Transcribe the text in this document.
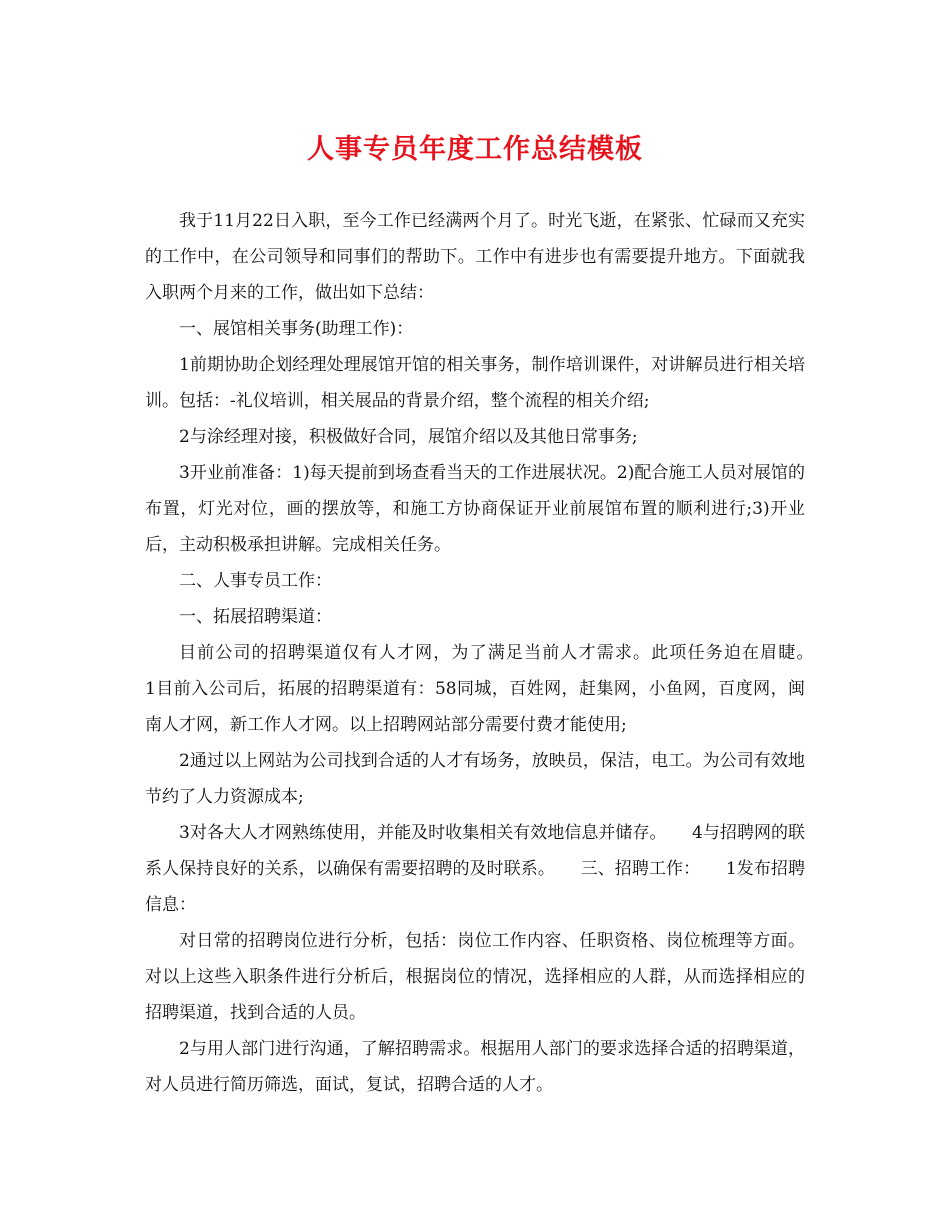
人事专员年度工作总结模板

我于11月22日入职，至今工作已经满两个月了。时光飞逝，在紧张、忙碌而又充实的工作中，在公司领导和同事们的帮助下。工作中有进步也有需要提升地方。下面就我入职两个月来的工作，做出如下总结：

一、展馆相关事务(助理工作)：

1前期协助企划经理处理展馆开馆的相关事务，制作培训课件，对讲解员进行相关培训。包括：-礼仪培训，相关展品的背景介绍，整个流程的相关介绍;

2与涂经理对接，积极做好合同，展馆介绍以及其他日常事务;

3开业前准备：1)每天提前到场查看当天的工作进展状况。2)配合施工人员对展馆的布置，灯光对位，画的摆放等，和施工方协商保证开业前展馆布置的顺利进行;3)开业后，主动积极承担讲解。完成相关任务。

二、人事专员工作：

一、拓展招聘渠道：

目前公司的招聘渠道仅有人才网，为了满足当前人才需求。此项任务迫在眉睫。　　1目前入公司后，拓展的招聘渠道有：58同城，百姓网，赶集网，小鱼网，百度网，闽南人才网，新工作人才网。以上招聘网站部分需要付费才能使用;

2通过以上网站为公司找到合适的人才有场务，放映员，保洁，电工。为公司有效地节约了人力资源成本;

3对各大人才网熟练使用，并能及时收集相关有效地信息并储存。　　4与招聘网的联系人保持良好的关系，以确保有需要招聘的及时联系。　　三、招聘工作：　　1发布招聘信息：

对日常的招聘岗位进行分析，包括：岗位工作内容、任职资格、岗位梳理等方面。对以上这些入职条件进行分析后，根据岗位的情况，选择相应的人群，从而选择相应的招聘渠道，找到合适的人员。

2与用人部门进行沟通，了解招聘需求。根据用人部门的要求选择合适的招聘渠道，对人员进行简历筛选，面试，复试，招聘合适的人才。
